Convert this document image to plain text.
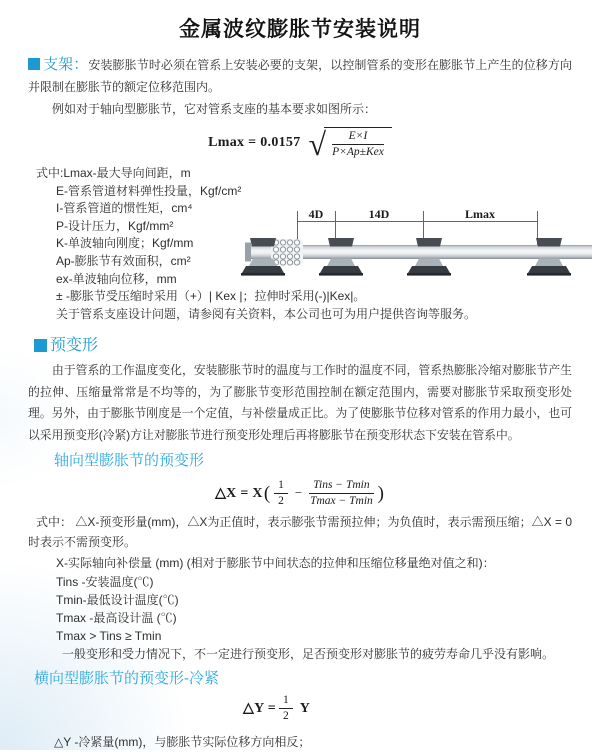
金属波纹膨胀节安装说明

支架：安装膨胀节时必须在管系上安装必要的支架，以控制管系的变形在膨胀节上产生的位移方向并限制在膨胀节的额定位移范围内。

例如对于轴向型膨胀节，它对管系支座的基本要求如图所示：

Lmax = 0.0157 √ $\frac{E\times I}{\text{P×Ap±Kex}}$
式中:Lmax-最大导向间距，m
E-管系管道材料弹性投量，Kgf/cm²
I-管系管道的惯性矩，cm⁴
P-设计压力，Kgf/mm²
K-单波轴向刚度；Kgf/mm
Ap-膨胀节有效面积，cm²
ex-单波轴向位移，mm
± -膨胀节受压缩时采用（+）| Kex |；拉伸时采用(-)|Kex|。
关于管系支座设计问题，请参阅有关资料，本公司也可为用户提供咨询等服务。
4D	14D	Lmax
预变形

由于管系的工作温度变化，安装膨胀节时的温度与工作时的温度不同，管系热膨胀冷缩对膨胀节产生的拉伸、压缩量常常是不均等的，为了膨胀节变形范围控制在额定范围内，需要对膨胀节采取预变形处理。另外，由于膨胀节刚度是一个定值，与补偿量成正比。为了使膨胀节位移对管系的作用力最小，也可以采用预变形(冷紧)方让对膨胀节进行预变形处理后再将膨胀节在预变形状态下安装在管系中。

轴向型膨胀节的预变形
△X = X ( $\frac{1}{2} - \frac{\text{Tins − Tmin}}{Tmax - Tmin}$ )

式中： △X-预变形量(mm)，△X为正值时，表示膨张节需预拉伸；为负值时，表示需预压缩；△X = 0时表示不需预变形。

X-实际轴向补偿量 (mm) (相对于膨胀节中间状态的拉伸和压缩位移量绝对值之和)：
Tins -安装温度(℃)
Tmin-最低设计温度(℃)
Tmax -最高设计温 (℃)
Tmax > Tins ≥ Tmin
一般变形和受力情况下，不一定进行预变形，足否预变形对膨胀节的疲劳寿命几乎没有影响。
横向型膨胀节的预变形-冷紧
△Y = $\frac{1}{2}$ Y

△Y -冷紧量(mm)，与膨胀节实际位移方向相反；
